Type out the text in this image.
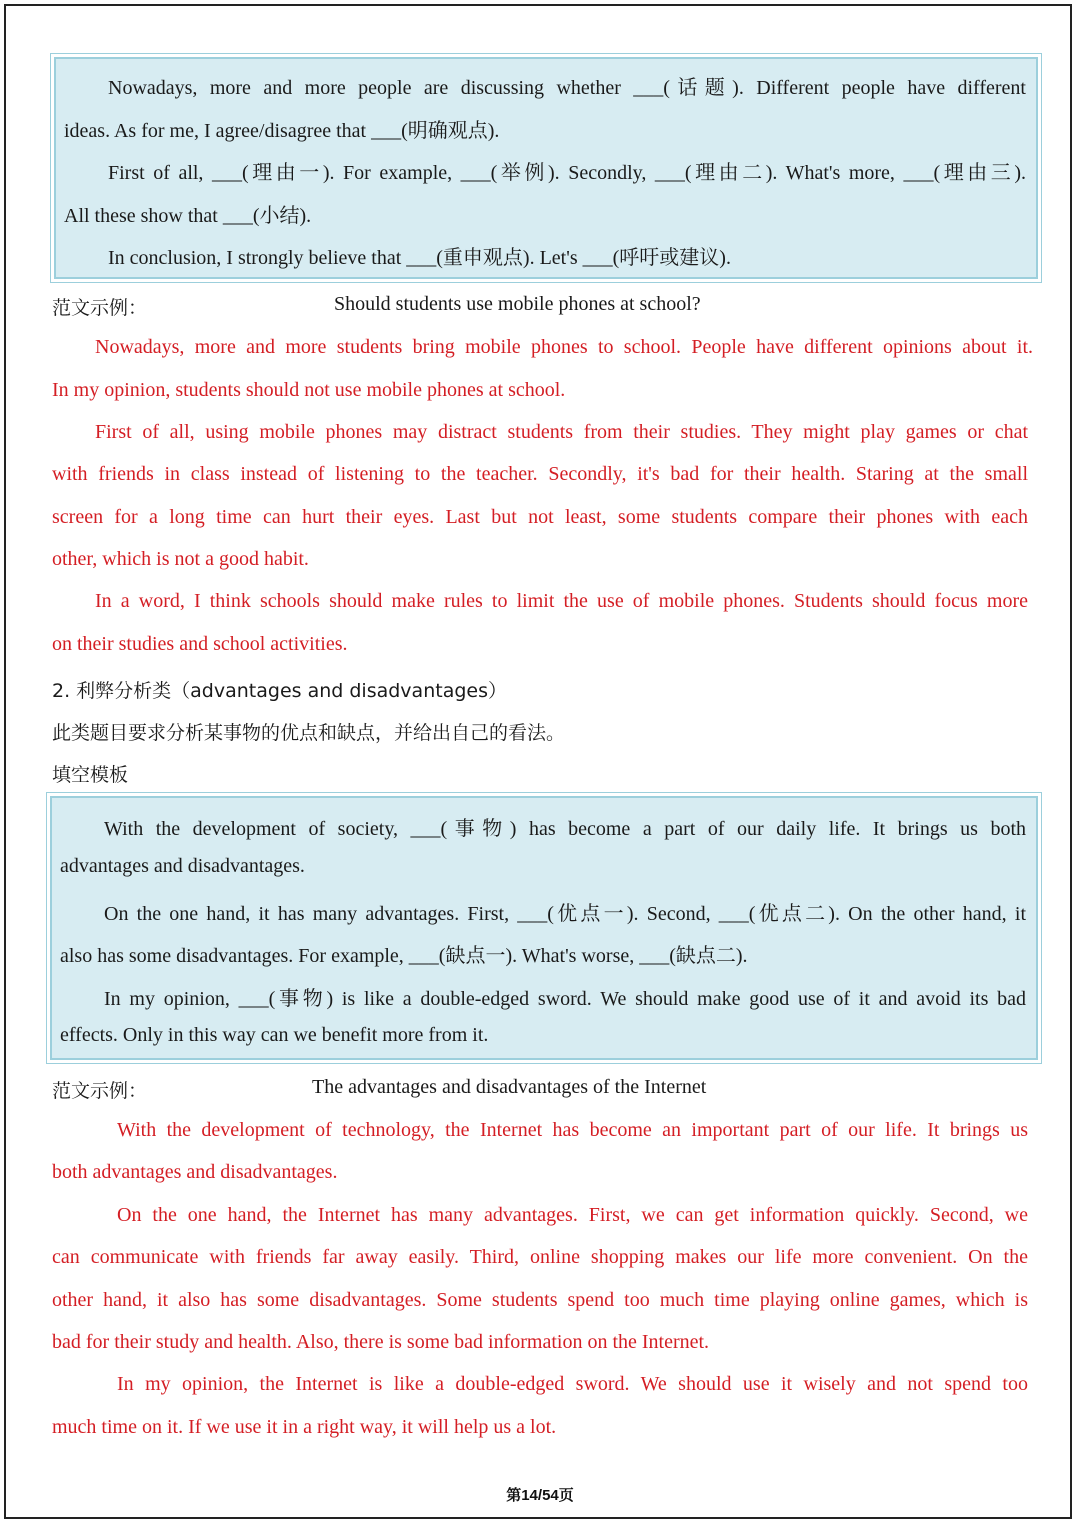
Nowadays, more and more people are discussing whether ___(话题). Different people have different
ideas. As for me, I agree/disagree that ___(明确观点).
First of all, ___(理由一). For example, ___(举例). Secondly, ___(理由二). What's more, ___(理由三).
All these show that ___(小结).
In conclusion, I strongly believe that ___(重申观点). Let's ___(呼吁或建议).
范文示例：	Should students use mobile phones at school?
Nowadays, more and more students bring mobile phones to school. People have different opinions about it.
In my opinion, students should not use mobile phones at school.
First of all, using mobile phones may distract students from their studies. They might play games or chat
with friends in class instead of listening to the teacher. Secondly, it's bad for their health. Staring at the small
screen for a long time can hurt their eyes. Last but not least, some students compare their phones with each
other, which is not a good habit.
In a word, I think schools should make rules to limit the use of mobile phones. Students should focus more
on their studies and school activities.
2. 利弊分析类（advantages and disadvantages）
此类题目要求分析某事物的优点和缺点，并给出自己的看法。
填空模板
With the development of society, ___(事物) has become a part of our daily life. It brings us both
advantages and disadvantages.
On the one hand, it has many advantages. First, ___(优点一). Second, ___(优点二). On the other hand, it
also has some disadvantages. For example, ___(缺点一). What's worse, ___(缺点二).
In my opinion, ___(事物) is like a double-edged sword. We should make good use of it and avoid its bad
effects. Only in this way can we benefit more from it.
范文示例：	The advantages and disadvantages of the Internet
With the development of technology, the Internet has become an important part of our life. It brings us
both advantages and disadvantages.
On the one hand, the Internet has many advantages. First, we can get information quickly. Second, we
can communicate with friends far away easily. Third, online shopping makes our life more convenient. On the
other hand, it also has some disadvantages. Some students spend too much time playing online games, which is
bad for their study and health. Also, there is some bad information on the Internet.
In my opinion, the Internet is like a double-edged sword. We should use it wisely and not spend too
much time on it. If we use it in a right way, it will help us a lot.
第14/54页
